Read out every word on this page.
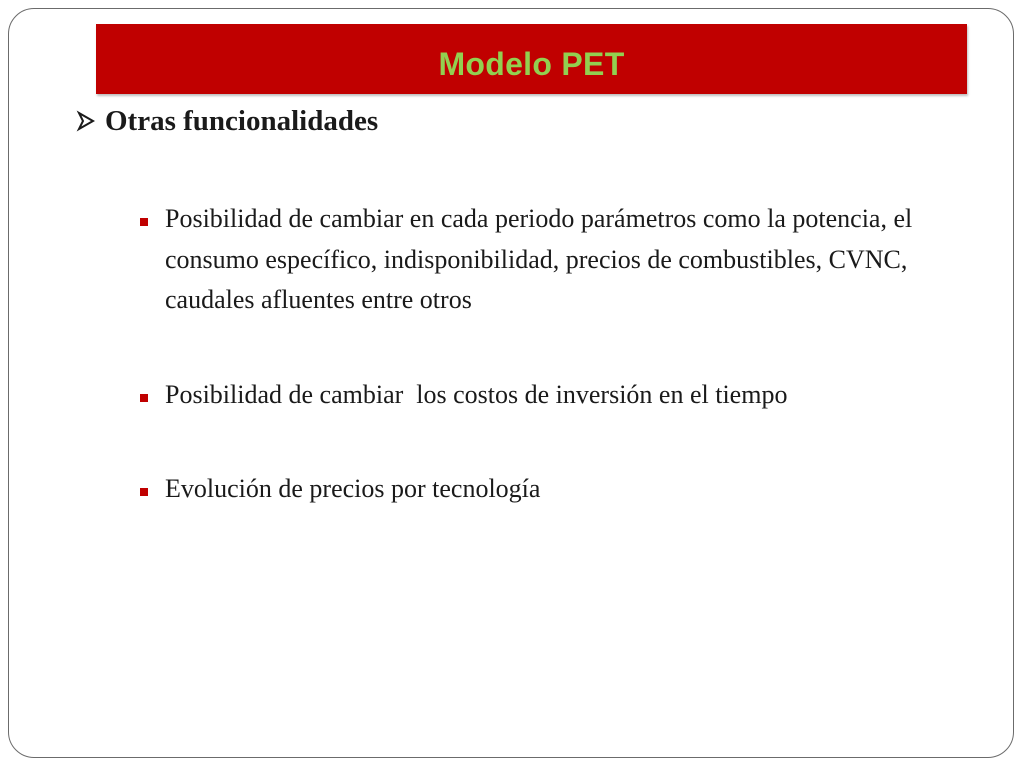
Modelo PET
Otras funcionalidades
Posibilidad de cambiar en cada periodo parámetros como la potencia, el consumo específico, indisponibilidad, precios de combustibles, CVNC, caudales afluentes entre otros
Posibilidad de cambiar  los costos de inversión en el tiempo
Evolución de precios por tecnología
